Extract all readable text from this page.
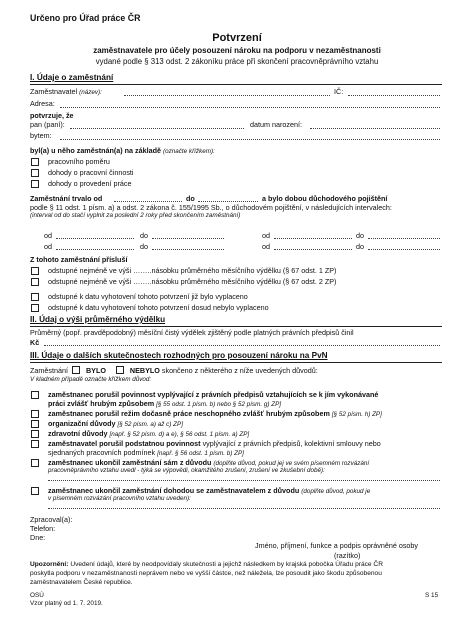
Určeno pro Úřad práce ČR
Potvrzení
zaměstnavatele pro účely posouzení nároku na podporu v nezaměstnanosti
vydané podle § 313 odst. 2 zákoníku práce při skončení pracovněprávního vztahu
I. Údaje o zaměstnání
Zaměstnavatel (název):	IČ:
Adresa:
potvrzuje, že
pan (paní):	datum narození:
bytem:
byl(a) u něho zaměstnán(a) na základě (označte křížkem):
pracovního poměru
dohody o pracovní činnosti
dohody o provedení práce
Zaměstnání trvalo od	do	a bylo dobou důchodového pojištění
podle § 11 odst. 1 písm. a) a odst. 2 zákona č. 155/1995 Sb., o důchodovém pojištění, v následujících intervalech:
(interval od do stačí vyplnit za poslední 2 roky před skončením zaměstnání)
od	do	od	do
od	do	od	do
Z tohoto zaměstnání přísluší
odstupné nejméně ve výši ……..násobku průměrného měsíčního výdělku (§ 67 odst. 1 ZP)
odstupné nejméně ve výši ……..násobku průměrného měsíčního výdělku (§ 67 odst. 2 ZP)
odstupné k datu vyhotovení tohoto potvrzení již bylo vyplaceno
odstupné k datu vyhotovení tohoto potvrzení dosud nebylo vyplaceno
II. Údaj o výši průměrného výdělku
Průměrný (popř. pravděpodobný) měsíční čistý výdělek zjištěný podle platných právních předpisů činil
Kč
III. Údaje o dalších skutečnostech rozhodných pro posouzení nároku na PvN
Zaměstnání	BYLO	NEBYLO skončeno z některého z níže uvedených důvodů:
V kladném případě označte křížkem důvod:
zaměstnanec porušil povinnost vyplývající z právních předpisů vztahujících se k jím vykonávané
práci zvlášť hrubým způsobem [§ 55 odst. 1 písm. b) nebo § 52 písm. g) ZP]
zaměstnanec porušil režim dočasně práce neschopného zvlášť hrubým způsobem [§ 52 písm. h) ZP]
organizační důvody [§ 52 písm. a) až c) ZP]
zdravotní důvody [např. § 52 písm. d) a e), § 56 odst. 1 písm. a) ZP]
zaměstnavatel porušil podstatnou povinnost vyplývající z právních předpisů, kolektivní smlouvy nebo
sjednaných pracovních podmínek [např. § 56 odst. 1 písm. b) ZP]
zaměstnanec ukončil zaměstnání sám z důvodu (doplňte důvod, pokud jej ve svém písemném rozvázání
pracovněprávního vztahu uvedl - týká se výpovědi, okamžitého zrušení, zrušení ve zkušební době):
zaměstnanec ukončil zaměstnání dohodou se zaměstnavatelem z důvodu (doplňte důvod, pokud je
v písemném rozvázání pracovního vztahu uveden):
Zpracoval(a):
Telefon:
Dne:
Jméno, příjmení, funkce a podpis oprávněné osoby
(razítko)
Upozornění: Uvedení údajů, které by neodpovídaly skutečnosti a jejichž následkem by krajská pobočka Úřadu práce ČR
poskytla podporu v nezaměstnanosti neprávem nebo ve vyšší částce, než náležela, lze posoudit jako škodu způsobenou
zaměstnavatelem České republice.
OSÚ
Vzor platný od 1. 7. 2019.
S 15
